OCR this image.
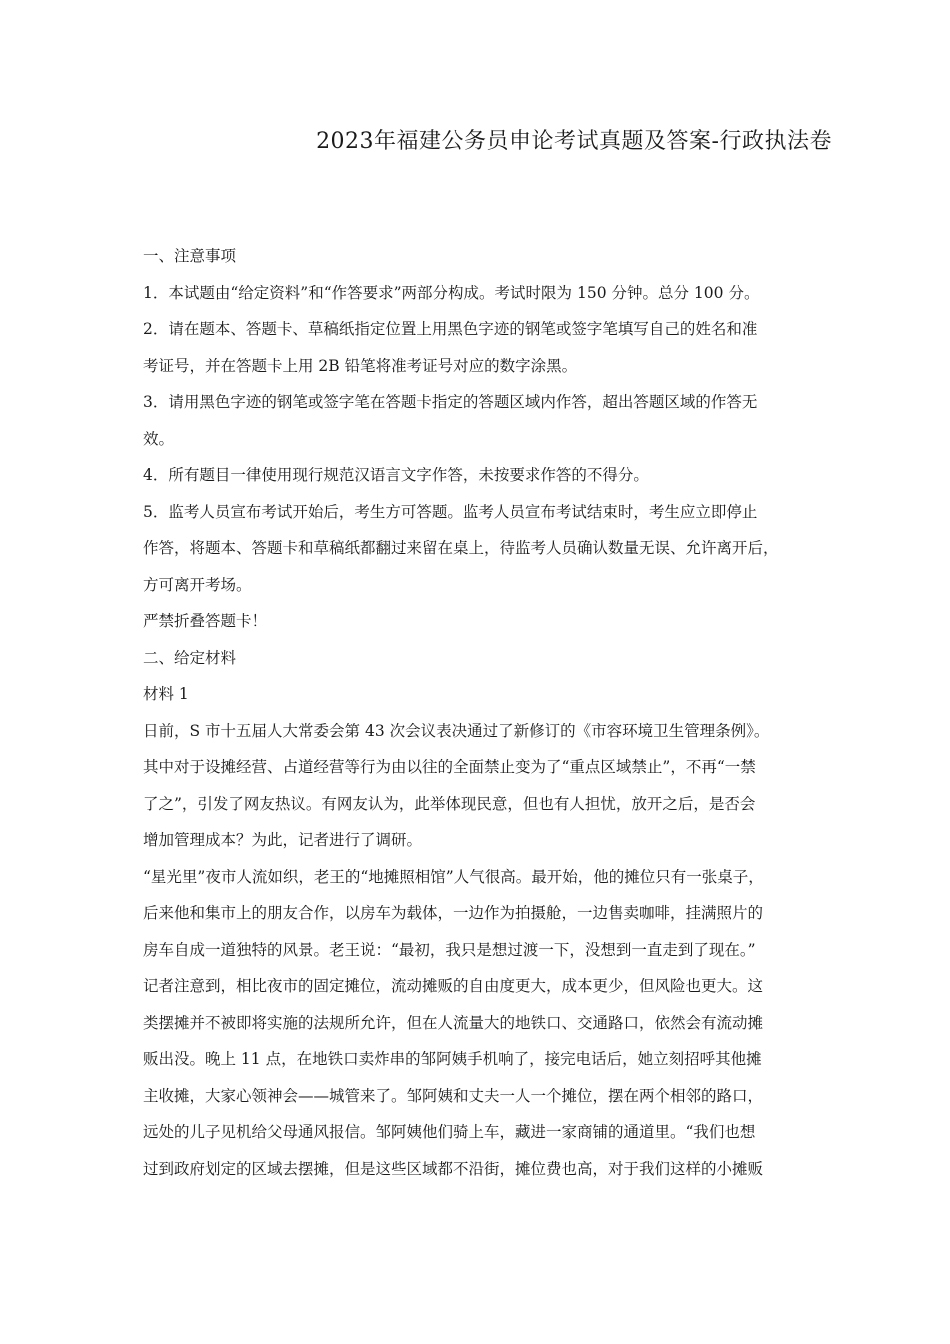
2023年福建公务员申论考试真题及答案-行政执法卷
一、注意事项
1．本试题由“给定资料”和“作答要求”两部分构成。考试时限为 150 分钟。总分 100 分。
2．请在题本、答题卡、草稿纸指定位置上用黑色字迹的钢笔或签字笔填写自己的姓名和准
考证号，并在答题卡上用 2B 铅笔将准考证号对应的数字涂黑。
3．请用黑色字迹的钢笔或签字笔在答题卡指定的答题区域内作答，超出答题区域的作答无
效。
4．所有题目一律使用现行规范汉语言文字作答，未按要求作答的不得分。
5．监考人员宣布考试开始后，考生方可答题。监考人员宣布考试结束时，考生应立即停止
作答，将题本、答题卡和草稿纸都翻过来留在桌上，待监考人员确认数量无误、允许离开后，
方可离开考场。
严禁折叠答题卡！
二、给定材料
材料 1
日前，S 市十五届人大常委会第 43 次会议表决通过了新修订的《市容环境卫生管理条例》。
其中对于设摊经营、占道经营等行为由以往的全面禁止变为了“重点区域禁止”，不再“一禁
了之”，引发了网友热议。有网友认为，此举体现民意，但也有人担忧，放开之后，是否会
增加管理成本？为此，记者进行了调研。
“星光里”夜市人流如织，老王的“地摊照相馆”人气很高。最开始，他的摊位只有一张桌子，
后来他和集市上的朋友合作，以房车为载体，一边作为拍摄舱，一边售卖咖啡，挂满照片的
房车自成一道独特的风景。老王说：“最初，我只是想过渡一下，没想到一直走到了现在。”
记者注意到，相比夜市的固定摊位，流动摊贩的自由度更大，成本更少，但风险也更大。这
类摆摊并不被即将实施的法规所允许，但在人流量大的地铁口、交通路口，依然会有流动摊
贩出没。晚上 11 点，在地铁口卖炸串的邹阿姨手机响了，接完电话后，她立刻招呼其他摊
主收摊，大家心领神会——城管来了。邹阿姨和丈夫一人一个摊位，摆在两个相邻的路口，
远处的儿子见机给父母通风报信。邹阿姨他们骑上车，藏进一家商铺的通道里。“我们也想
过到政府划定的区域去摆摊，但是这些区域都不沿街，摊位费也高，对于我们这样的小摊贩
